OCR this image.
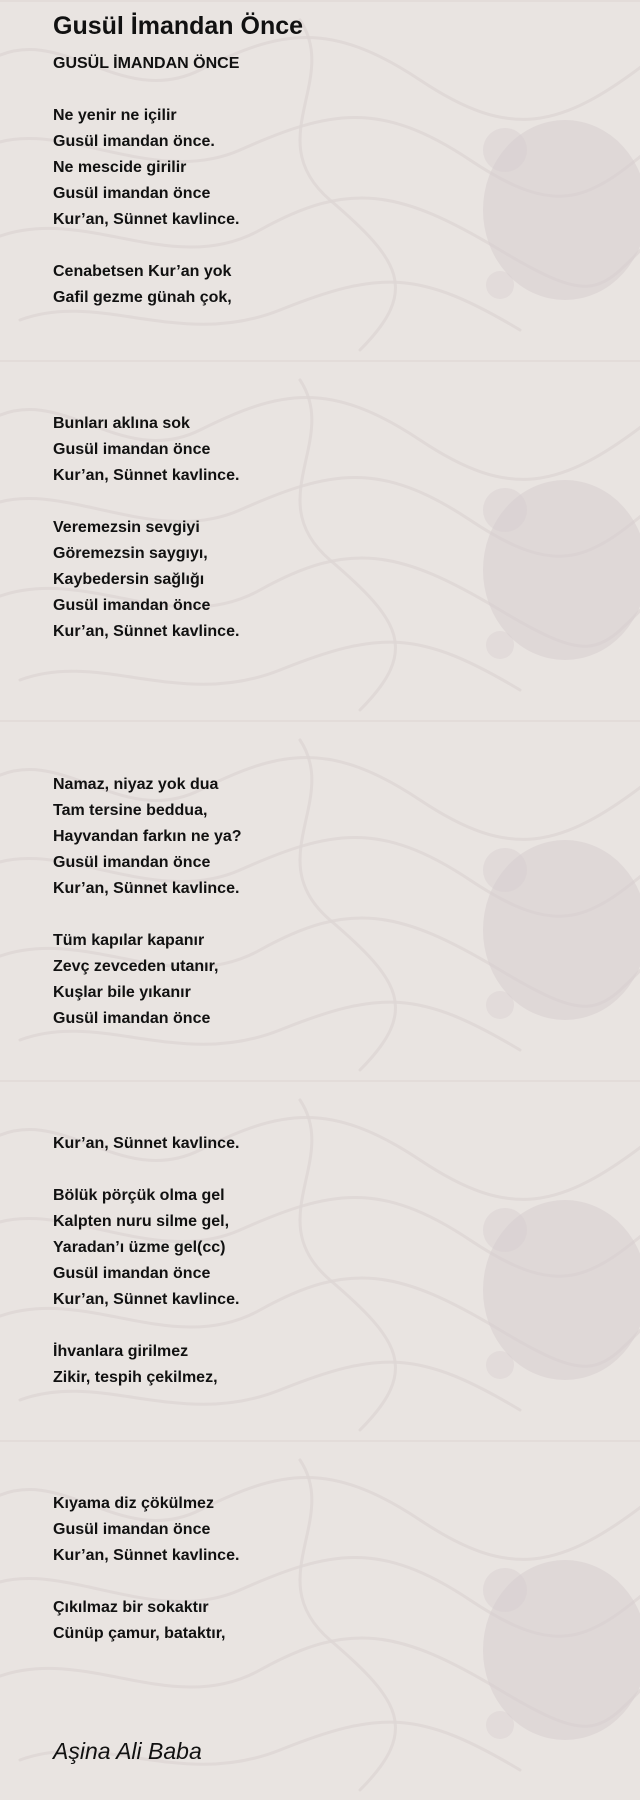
Gusül İmandan Önce
GUSÜL İMANDAN ÖNCE
Ne yenir ne içilir
Gusül imandan önce.
Ne mescide girilir
Gusül imandan önce
Kur’an, Sünnet kavlince.
Cenabetsen Kur’an yok
Gafil gezme günah çok,
Bunları aklına sok
Gusül imandan önce
Kur’an, Sünnet kavlince.
Veremezsin sevgiyi
Göremezsin saygıyı,
Kaybedersin sağlığı
Gusül imandan önce
Kur’an, Sünnet kavlince.
Namaz, niyaz yok dua
Tam tersine beddua,
Hayvandan farkın ne ya?
Gusül imandan önce
Kur’an, Sünnet kavlince.
Tüm kapılar kapanır
Zevç zevceden utanır,
Kuşlar bile yıkanır
Gusül imandan önce
Kur’an, Sünnet kavlince.
Bölük pörçük olma gel
Kalpten nuru silme gel,
Yaradan’ı üzme gel(cc)
Gusül imandan önce
Kur’an, Sünnet kavlince.
İhvanlara girilmez
Zikir, tespih çekilmez,
Kıyama diz çökülmez
Gusül imandan önce
Kur’an, Sünnet kavlince.
Çıkılmaz bir sokaktır
Cünüp çamur, bataktır,
Aşina Ali Baba
